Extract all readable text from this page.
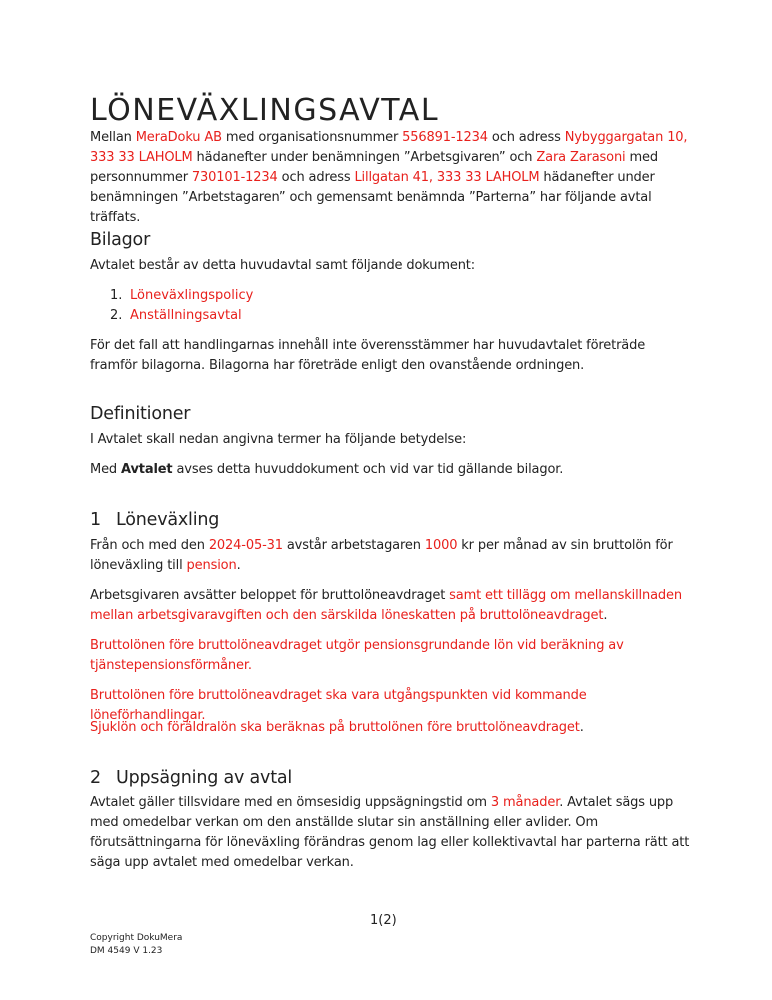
LÖNEVÄXLINGSAVTAL

Mellan MeraDoku AB med organisationsnummer 556891-1234 och adress Nybyggargatan 10, 333 33 LAHOLM hädanefter under benämningen ”Arbetsgivaren” och Zara Zarasoni med personnummer 730101-1234 och adress Lillgatan 41, 333 33 LAHOLM hädanefter under benämningen ”Arbetstagaren” och gemensamt benämnda ”Parterna” har följande avtal träffats.

Bilagor

Avtalet består av detta huvudavtal samt följande dokument:

1. Löneväxlingspolicy
2. Anställningsavtal

För det fall att handlingarnas innehåll inte överensstämmer har huvudavtalet företräde framför bilagorna. Bilagorna har företräde enligt den ovanstående ordningen.

Definitioner

I Avtalet skall nedan angivna termer ha följande betydelse:

Med Avtalet avses detta huvuddokument och vid var tid gällande bilagor.

1 Löneväxling

Från och med den 2024-05-31 avstår arbetstagaren 1000 kr per månad av sin bruttolön för löneväxling till pension.

Arbetsgivaren avsätter beloppet för bruttolöneavdraget samt ett tillägg om mellanskillnaden mellan arbetsgivaravgiften och den särskilda löneskatten på bruttolöneavdraget.

Bruttolönen före bruttolöneavdraget utgör pensionsgrundande lön vid beräkning av tjänstepensionsförmåner.

Bruttolönen före bruttolöneavdraget ska vara utgångspunkten vid kommande löneförhandlingar.

Sjuklön och föräldralön ska beräknas på bruttolönen före bruttolöneavdraget.

2 Uppsägning av avtal

Avtalet gäller tillsvidare med en ömsesidig uppsägningstid om 3 månader. Avtalet sägs upp med omedelbar verkan om den anställde slutar sin anställning eller avlider. Om förutsättningarna för löneväxling förändras genom lag eller kollektivavtal har parterna rätt att säga upp avtalet med omedelbar verkan.

1(2)
Copyright DokuMera
DM 4549 V 1.23
